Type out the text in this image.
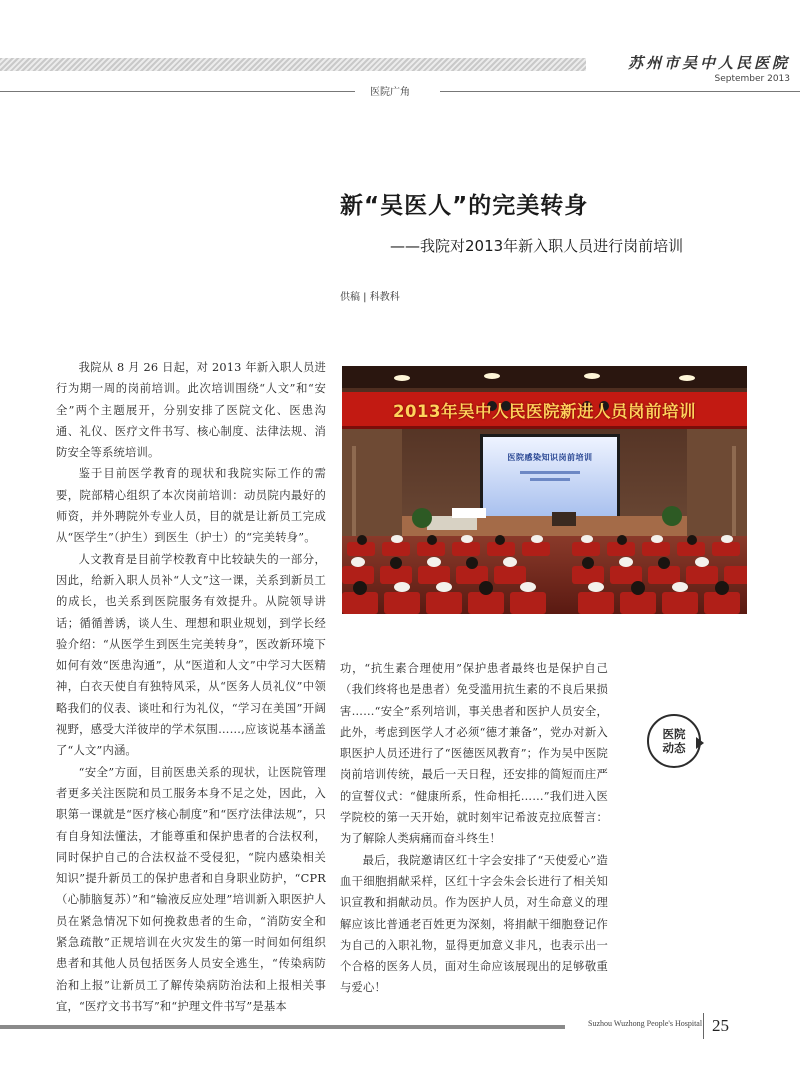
苏州市吴中人民医院
September 2013
医院广角
新“吴医人”的完美转身
——我院对2013年新入职人员进行岗前培训
供稿 | 科教科

我院从 8 月 26 日起，对 2013 年新入职人员进行为期一周的岗前培训。此次培训围绕“人文”和“安全”两个主题展开，分别安排了医院文化、医患沟通、礼仪、医疗文件书写、核心制度、法律法规、消防安全等系统培训。

鉴于目前医学教育的现状和我院实际工作的需要，院部精心组织了本次岗前培训：动员院内最好的师资，并外聘院外专业人员，目的就是让新员工完成从“医学生”（护生）到医生（护士）的“完美转身”。

人文教育是目前学校教育中比较缺失的一部分，因此，给新入职人员补“人文”这一课，关系到新员工的成长，也关系到医院服务有效提升。从院领导讲话；循循善诱，谈人生、理想和职业规划，到学长经验介绍：“从医学生到医生完美转身”，医改新环境下如何有效“医患沟通”，从“医道和人文”中学习大医精神，白衣天使自有独特风采，从“医务人员礼仪”中领略我们的仪表、谈吐和行为礼仪，“学习在美国”开阔视野，感受大洋彼岸的学术氛围……,应该说基本涵盖了“人文”内涵。

“安全”方面，目前医患关系的现状，让医院管理者更多关注医院和员工服务本身不足之处，因此，入职第一课就是“医疗核心制度”和“医疗法律法规”，只有自身知法懂法，才能尊重和保护患者的合法权利，同时保护自己的合法权益不受侵犯，“院内感染相关知识”提升新员工的保护患者和自身职业防护，“CPR（心肺脑复苏）”和“输液反应处理”培训新入职医护人员在紧急情况下如何挽救患者的生命，“消防安全和紧急疏散”正规培训在火灾发生的第一时间如何组织患者和其他人员包括医务人员安全逃生，“传染病防治和上报”让新员工了解传染病防治法和上报相关事宜，“医疗文书书写”和“护理文件书写”是基本

2013年吴中人民医院新进人员岗前培训
医院感染知识岗前培训

功，“抗生素合理使用”保护患者最终也是保护自己（我们终将也是患者）免受滥用抗生素的不良后果损害……“安全”系列培训，事关患者和医护人员安全，此外，考虑到医学人才必须“德才兼备”，党办对新入职医护人员还进行了“医德医风教育”；作为吴中医院岗前培训传统，最后一天日程，还安排的简短而庄严的宣誓仪式：“健康所系，性命相托……”我们进入医学院校的第一天开始，就时刻牢记希波克拉底誓言：为了解除人类病痛而奋斗终生！

最后，我院邀请区红十字会安排了“天使爱心”造血干细胞捐献采样，区红十字会朱会长进行了相关知识宣教和捐献动员。作为医护人员，对生命意义的理解应该比普通老百姓更为深刻，将捐献干细胞登记作为自己的入职礼物，显得更加意义非凡，也表示出一个合格的医务人员，面对生命应该展现出的足够敬重与爱心！

医院
动态
Suzhou Wuzhong People's Hospital 25
